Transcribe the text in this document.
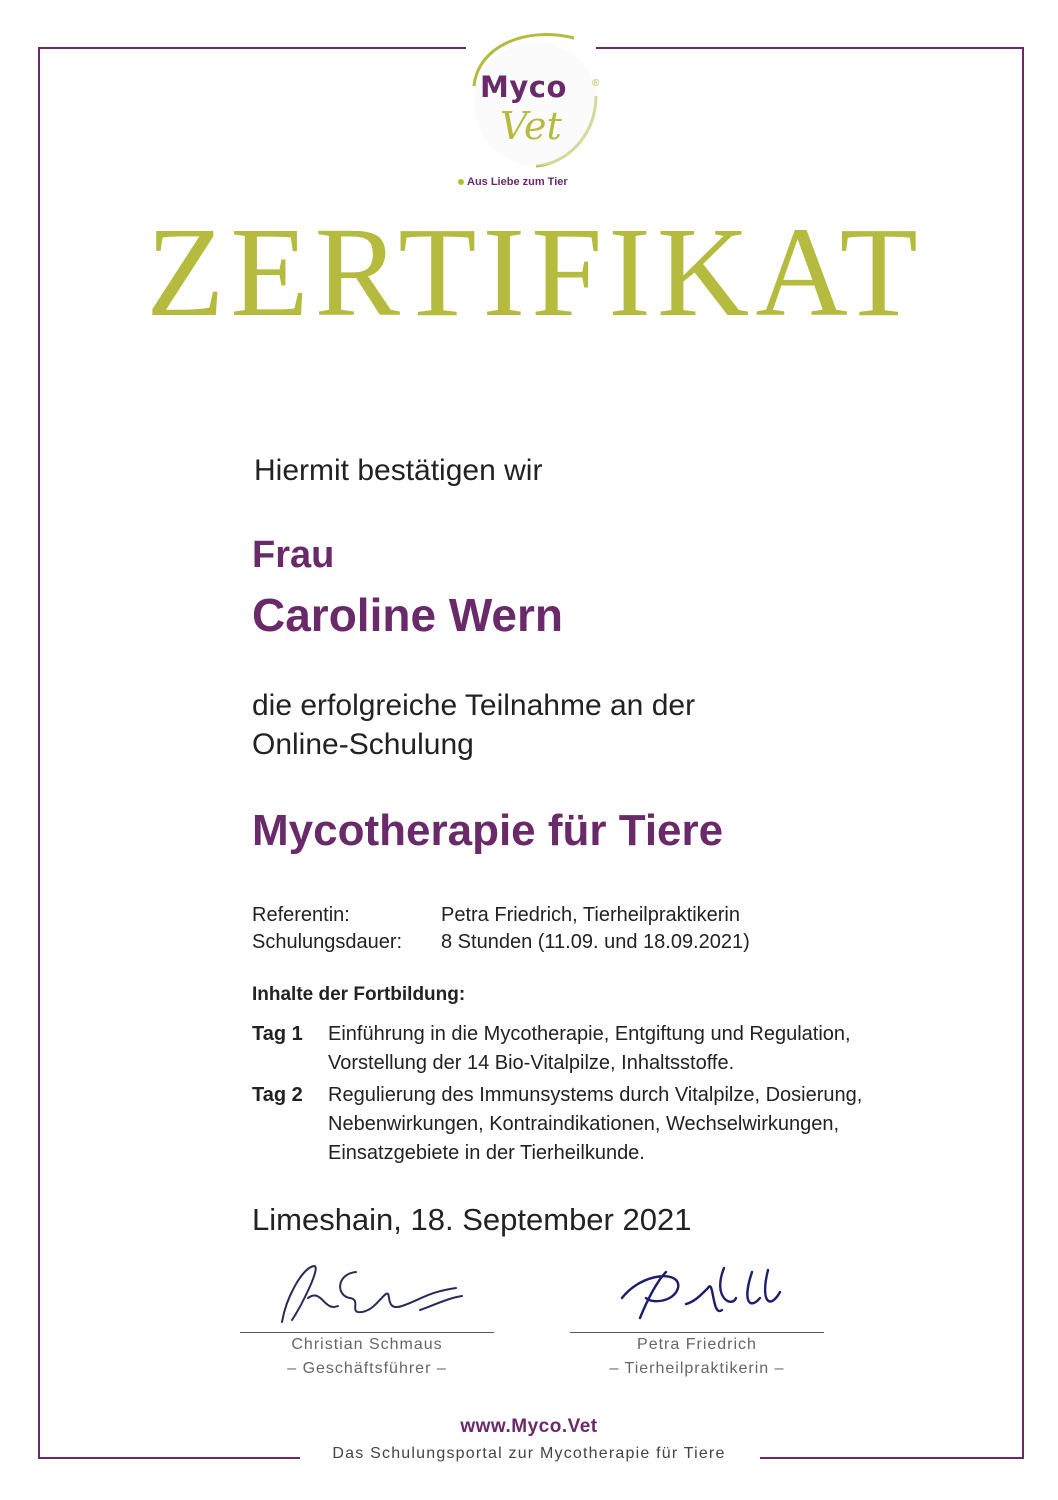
Myco
Vet
®
Aus Liebe zum Tier
ZERTIFIKAT
Hiermit bestätigen wir
Frau
Caroline Wern
die erfolgreiche Teilnahme an der
Online-Schulung
Mycotherapie für Tiere
Referentin:	Petra Friedrich, Tierheilpraktikerin
Schulungsdauer:	8 Stunden (11.09. und 18.09.2021)
Inhalte der Fortbildung:
Tag 1	Einführung in die Mycotherapie, Entgiftung und Regulation, Vorstellung der 14 Bio-Vitalpilze, Inhaltsstoffe.
Tag 2	Regulierung des Immunsystems durch Vitalpilze, Dosierung, Nebenwirkungen, Kontraindikationen, Wechselwirkungen, Einsatzgebiete in der Tierheilkunde.
Limeshain, 18. September 2021
Christian Schmaus
– Geschäftsführer –
Petra Friedrich
– Tierheilpraktikerin –
www.Myco.Vet
Das Schulungsportal zur Mycotherapie für Tiere
